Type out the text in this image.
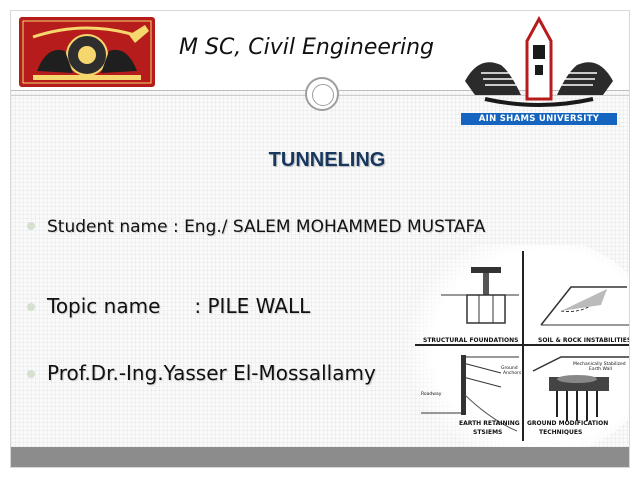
M SC, Civil Engineering
AIN SHAMS UNIVERSITY
TUNNELING
Student name : Eng./ SALEM MOHAMMED MUSTAFA
Topic name : PILE WALL
Prof.Dr.-Ing.Yasser El-Mossallamy
STRUCTURAL FOUNDATIONS	SOIL & ROCK INSTABILITIES
EARTH RETAINING
STSIEMS
GROUND MODIFICATION
TECHNIQUES
Mechanically Stabilized
Earth Wall
Ground
Anchors
Roadway
